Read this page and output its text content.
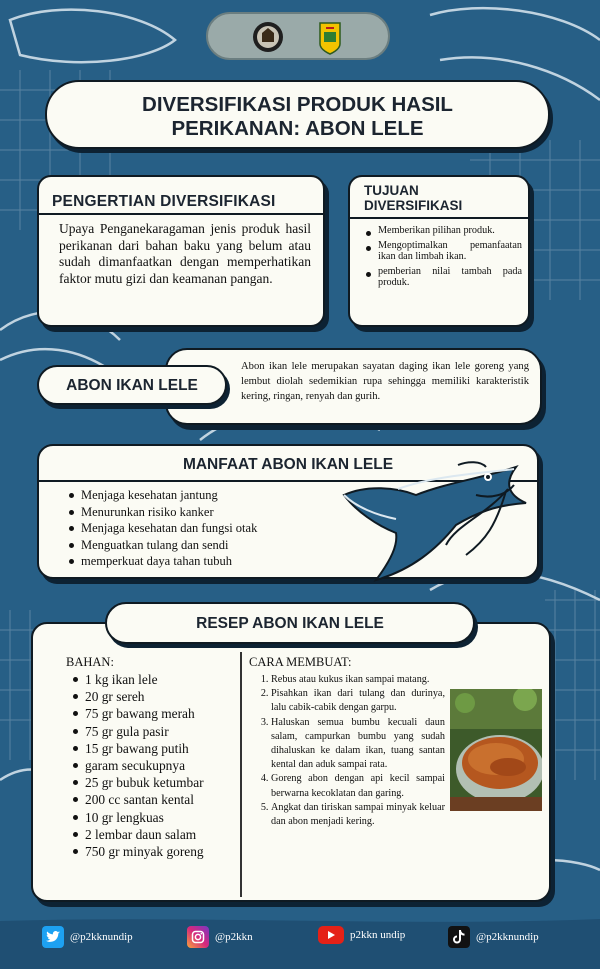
DIVERSIFIKASI PRODUK HASIL
PERIKANAN: ABON LELE
PENGERTIAN DIVERSIFIKASI
Upaya Penganekaragaman jenis produk hasil perikanan dari bahan baku yang belum atau sudah dimanfaatkan dengan memperhatikan faktor mutu gizi dan keamanan pangan.
TUJUAN
DIVERSIFIKASI
Memberikan pilihan produk.
Mengoptimalkan pemanfaatan ikan dan limbah ikan.
pemberian nilai tambah pada produk.
Abon ikan lele merupakan sayatan daging ikan lele goreng yang lembut diolah sedemikian rupa sehingga memiliki karakteristik kering, ringan, renyah dan gurih.
ABON IKAN LELE
MANFAAT ABON IKAN LELE
Menjaga kesehatan jantung
Menurunkan risiko kanker
Menjaga kesehatan dan fungsi otak
Menguatkan tulang dan sendi
memperkuat daya tahan tubuh
BAHAN:
1 kg ikan lele
20 gr sereh
75 gr bawang merah
75 gr gula pasir
15 gr bawang putih
garam secukupnya
25 gr bubuk ketumbar
200 cc santan kental
10 gr lengkuas
2 lembar daun salam
750 gr minyak goreng
CARA MEMBUAT:
1. Rebus atau kukus ikan sampai matang.
2. Pisahkan ikan dari tulang dan durinya, lalu cabik-cabik dengan garpu.
3. Haluskan semua bumbu kecuali daun salam, campurkan bumbu yang sudah dihaluskan ke dalam ikan, tuang santan kental dan aduk sampai rata.
4. Goreng abon dengan api kecil sampai berwarna kecoklatan dan garing.
5. Angkat dan tiriskan sampai minyak keluar dan abon menjadi kering.
RESEP ABON IKAN LELE
@p2kknundip	@p2kkn	p2kkn undip	@p2kknundip
